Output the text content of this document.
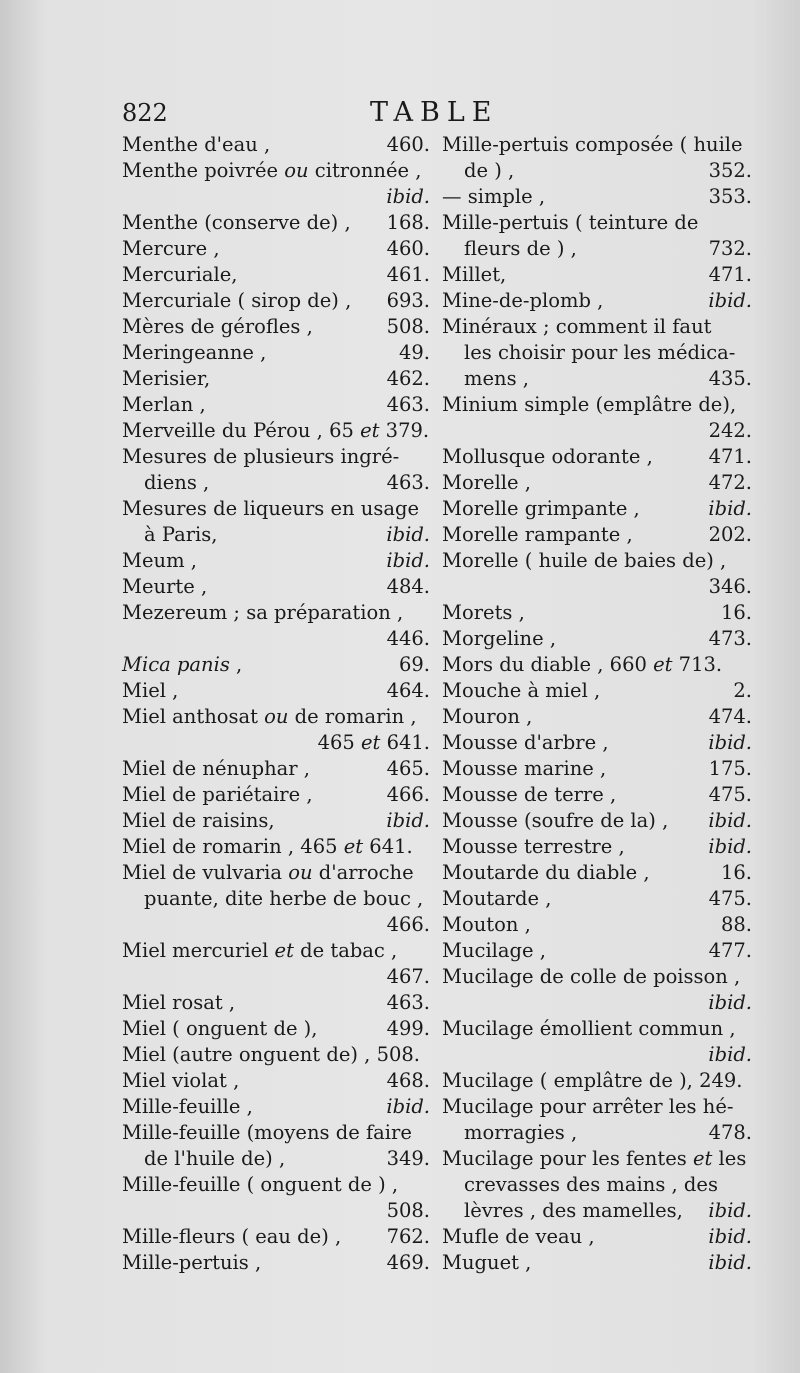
822	TABLE
Menthe d'eau ,	460.
Menthe poivrée ou citronnée ,
ibid.
Menthe (conserve de) ,	168.
Mercure ,	460.
Mercuriale,	461.
Mercuriale ( sirop de) ,	693.
Mères de gérofles ,	508.
Meringeanne ,	49.
Merisier,	462.
Merlan ,	463.
Merveille du Pérou , 65 et 379.
Mesures de plusieurs ingré-
diens ,	463.
Mesures de liqueurs en usage
à Paris,	ibid.
Meum ,	ibid.
Meurte ,	484.
Mezereum ; sa préparation ,
446.
Mica panis ,	69.
Miel ,	464.
Miel anthosat ou de romarin ,
465 et 641.
Miel de nénuphar ,	465.
Miel de pariétaire ,	466.
Miel de raisins,	ibid.
Miel de romarin , 465 et 641.
Miel de vulvaria ou d'arroche
puante, dite herbe de bouc ,
466.
Miel mercuriel et de tabac ,
467.
Miel rosat ,	463.
Miel ( onguent de ),	499.
Miel (autre onguent de) , 508.
Miel violat ,	468.
Mille-feuille ,	ibid.
Mille-feuille (moyens de faire
de l'huile de) ,	349.
Mille-feuille ( onguent de ) ,
508.
Mille-fleurs ( eau de) ,	762.
Mille-pertuis ,	469.
Mille-pertuis composée ( huile
de ) ,	352.
— simple ,	353.
Mille-pertuis ( teinture de
fleurs de ) ,	732.
Millet,	471.
Mine-de-plomb ,	ibid.
Minéraux ; comment il faut
les choisir pour les médica-
mens ,	435.
Minium simple (emplâtre de),
242.
Mollusque odorante ,	471.
Morelle ,	472.
Morelle grimpante ,	ibid.
Morelle rampante ,	202.
Morelle ( huile de baies de) ,
346.
Morets ,	16.
Morgeline ,	473.
Mors du diable , 660 et 713.
Mouche à miel ,	2.
Mouron ,	474.
Mousse d'arbre ,	ibid.
Mousse marine ,	175.
Mousse de terre ,	475.
Mousse (soufre de la) ,	ibid.
Mousse terrestre ,	ibid.
Moutarde du diable ,	16.
Moutarde ,	475.
Mouton ,	88.
Mucilage ,	477.
Mucilage de colle de poisson ,
ibid.
Mucilage émollient commun ,
ibid.
Mucilage ( emplâtre de ), 249.
Mucilage pour arrêter les hé-
morragies ,	478.
Mucilage pour les fentes et les
crevasses des mains , des
lèvres , des mamelles,	ibid.
Mufle de veau ,	ibid.
Muguet ,	ibid.
